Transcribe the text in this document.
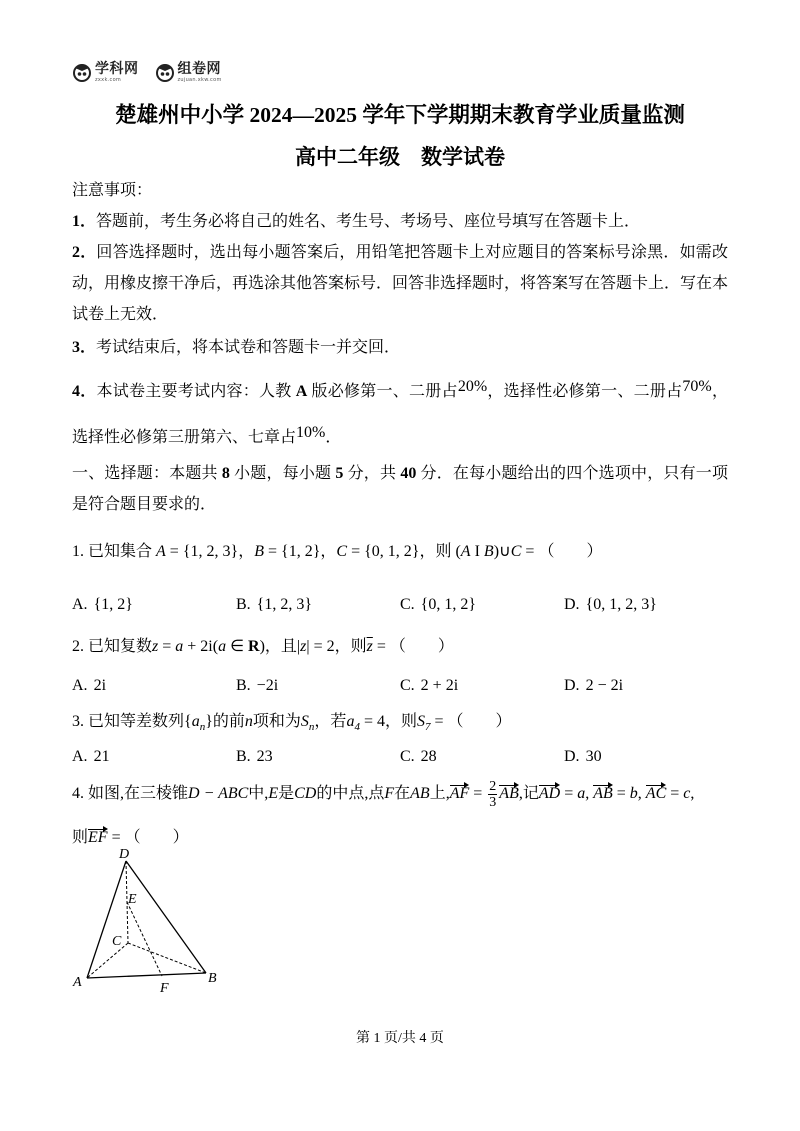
学科网
zxxk.com
组卷网
zujuan.xkw.com
楚雄州中小学 2024—2025 学年下学期期末教育学业质量监测
高中二年级　数学试卷
注意事项：

1．答题前，考生务必将自己的姓名、考生号、考场号、座位号填写在答题卡上．

2．回答选择题时，选出每小题答案后，用铅笔把答题卡上对应题目的答案标号涂黑．如需改动，用橡皮擦干净后，再选涂其他答案标号．回答非选择题时，将答案写在答题卡上．写在本试卷上无效．

3．考试结束后，将本试卷和答题卡一并交回．

4．本试卷主要考试内容：人教 A 版必修第一、二册占20%，选择性必修第一、二册占70%，选择性必修第三册第六、七章占10%．

一、选择题：本题共 8 小题，每小题 5 分，共 40 分．在每小题给出的四个选项中，只有一项是符合题目要求的．

1. 已知集合 A = {1, 2, 3}，B = {1, 2}，C = {0, 1, 2}，则 (A I B)∪C = （　　）

A. {1, 2}	B. {1, 2, 3}	C. {0, 1, 2}	D. {0, 1, 2, 3}

2. 已知复数z = a + 2i(a ∈ R)，且|z| = 2，则$\overline{z}$ = （　　）

A. 2i	B. −2i	C. 2 + 2i	D. 2 − 2i

3. 已知等差数列$\{a_n\}$的前n项和为$S_n$，若$a_4 = 4$，则$S_7$ = （　　）

A. 21	B. 23	C. 28	D. 30
4. 如图,在三棱锥D − ABC中,E是CD的中点,点F在AB上$,AF = \frac{2}{3}$ AB,记AD = a, AB = b, AC = c,
则EF = （　　）
D
E
C
A	F
B
第 1 页/共 4 页
